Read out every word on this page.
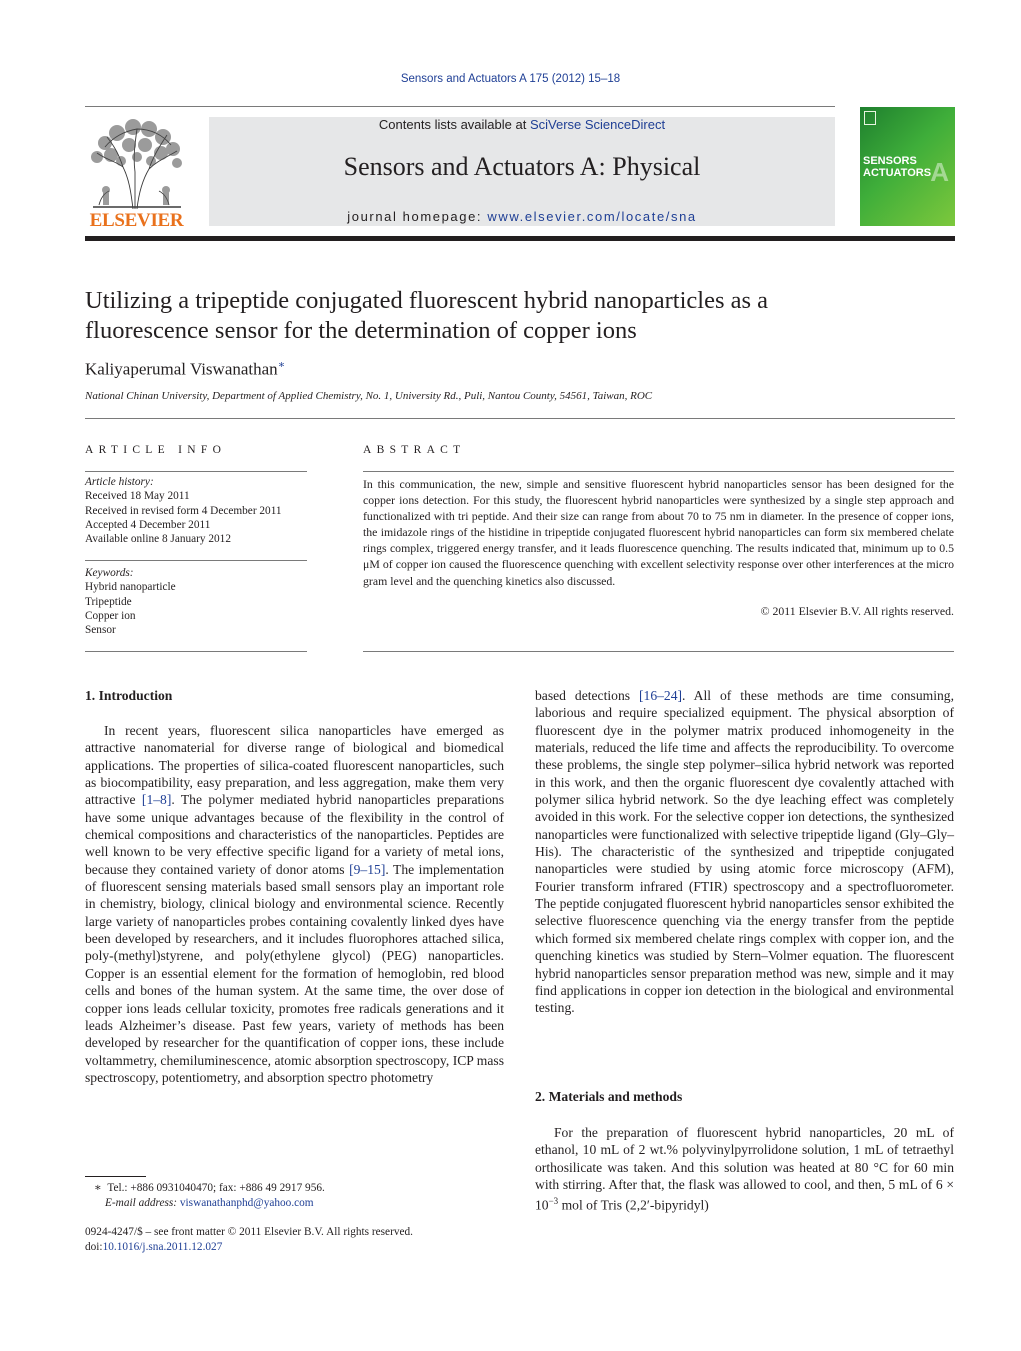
Sensors and Actuators A 175 (2012) 15–18
ELSEVIER
Contents lists available at SciVerse ScienceDirect
Sensors and Actuators A: Physical
journal homepage: www.elsevier.com/locate/sna
SENSORS
ACTUATORS A
Utilizing a tripeptide conjugated fluorescent hybrid nanoparticles as a
fluorescence sensor for the determination of copper ions
Kaliyaperumal Viswanathan∗
National Chinan University, Department of Applied Chemistry, No. 1, University Rd., Puli, Nantou County, 54561, Taiwan, ROC
ARTICLE INFO
Article history:
Received 18 May 2011
Received in revised form 4 December 2011
Accepted 4 December 2011
Available online 8 January 2012
Keywords:
Hybrid nanoparticle
Tripeptide
Copper ion
Sensor
ABSTRACT
In this communication, the new, simple and sensitive fluorescent hybrid nanoparticles sensor has been designed for the copper ions detection. For this study, the fluorescent hybrid nanoparticles were synthesized by a single step approach and functionalized with tri peptide. And their size can range from about 70 to 75 nm in diameter. In the presence of copper ions, the imidazole rings of the histidine in tripeptide conjugated fluorescent hybrid nanoparticles can form six membered chelate rings complex, triggered energy transfer, and it leads fluorescence quenching. The results indicated that, minimum up to 0.5 μM of copper ion caused the fluorescence quenching with excellent selectivity response over other interferences at the micro gram level and the quenching kinetics also discussed.
© 2011 Elsevier B.V. All rights reserved.
1. Introduction

In recent years, fluorescent silica nanoparticles have emerged as attractive nanomaterial for diverse range of biological and biomedical applications. The properties of silica-coated fluorescent nanoparticles, such as biocompatibility, easy preparation, and less aggregation, make them very attractive [1–8]. The polymer mediated hybrid nanoparticles preparations have some unique advantages because of the flexibility in the control of chemical compositions and characteristics of the nanoparticles. Peptides are well known to be very effective specific ligand for a variety of metal ions, because they contained variety of donor atoms [9–15]. The implementation of fluorescent sensing materials based small sensors play an important role in chemistry, biology, clinical biology and environmental science. Recently large variety of nanoparticles probes containing covalently linked dyes have been developed by researchers, and it includes fluorophores attached silica, poly-(methyl)styrene, and poly(ethylene glycol) (PEG) nanoparticles. Copper is an essential element for the formation of hemoglobin, red blood cells and bones of the human system. At the same time, the over dose of copper ions leads cellular toxicity, promotes free radicals generations and it leads Alzheimer’s disease. Past few years, variety of methods has been developed by researcher for the quantification of copper ions, these include voltammetry, chemiluminescence, atomic absorption spectroscopy, ICP mass spectroscopy, potentiometry, and absorption spectro photometry

based detections [16–24]. All of these methods are time consuming, laborious and require specialized equipment. The physical absorption of fluorescent dye in the polymer matrix produced inhomogeneity in the materials, reduced the life time and affects the reproducibility. To overcome these problems, the single step polymer–silica hybrid network was reported in this work, and then the organic fluorescent dye covalently attached with polymer silica hybrid network. So the dye leaching effect was completely avoided in this work. For the selective copper ion detections, the synthesized nanoparticles were functionalized with selective tripeptide ligand (Gly–Gly–His). The characteristic of the synthesized and tripeptide conjugated nanoparticles were studied by using atomic force microscopy (AFM), Fourier transform infrared (FTIR) spectroscopy and a spectrofluorometer. The peptide conjugated fluorescent hybrid nanoparticles sensor exhibited the selective fluorescence quenching via the energy transfer from the peptide which formed six membered chelate rings complex with copper ion, and the quenching kinetics was studied by Stern–Volmer equation. The fluorescent hybrid nanoparticles sensor preparation method was new, simple and it may find applications in copper ion detection in the biological and environmental testing.

2. Materials and methods

For the preparation of fluorescent hybrid nanoparticles, 20 mL of ethanol, 10 mL of 2 wt.% polyvinylpyrrolidone solution, 1 mL of tetraethyl orthosilicate was taken. And this solution was heated at 80 °C for 60 min with stirring. After that, the flask was allowed to cool, and then, 5 mL of $6 \times 10^{-3}$ mol of Tris (2,2′-bipyridyl)

∗ Tel.: +886 0931040470; fax: +886 49 2917 956.
E-mail address: viswanathanphd@yahoo.com
0924-4247/$ – see front matter © 2011 Elsevier B.V. All rights reserved.
doi:10.1016/j.sna.2011.12.027
